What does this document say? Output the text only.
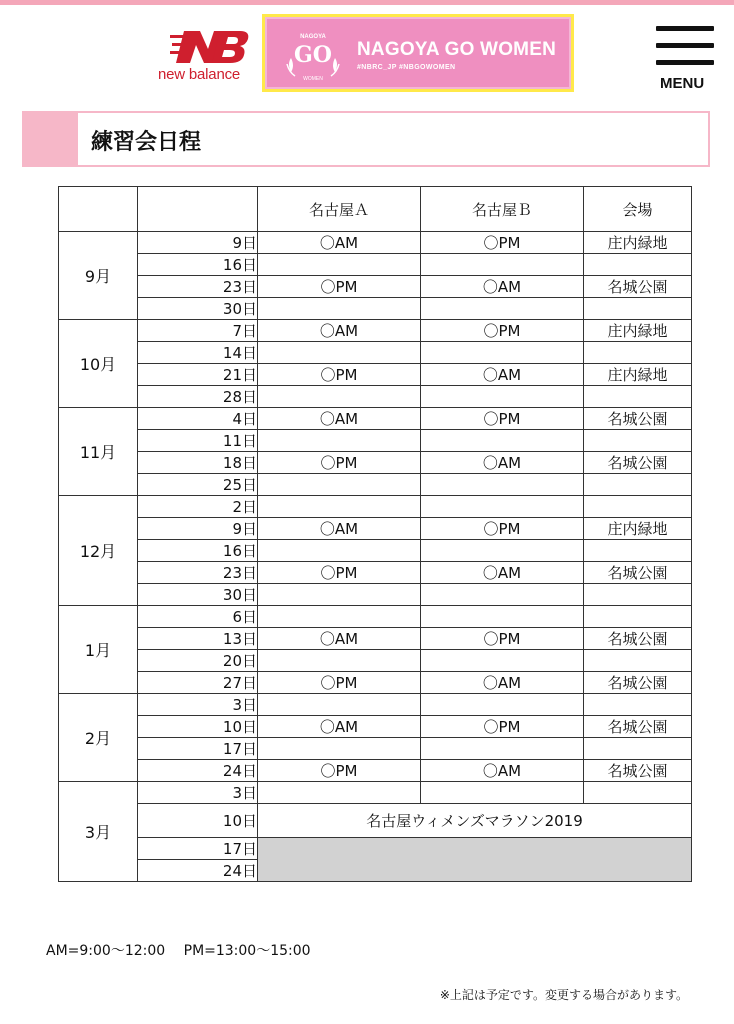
new balance
GO
NAGOYA
WOMEN
NAGOYA GO WOMEN
#NBRC_JP #NBGOWOMEN
MENU
練習会日程
		名古屋Ａ	名古屋Ｂ	会場
9月	9日	〇AM	〇PM	庄内緑地
	16日			
	23日	〇PM	〇AM	名城公園
	30日			
10月	7日	〇AM	〇PM	庄内緑地
	14日			
	21日	〇PM	〇AM	庄内緑地
	28日			
11月	4日	〇AM	〇PM	名城公園
	11日			
	18日	〇PM	〇AM	名城公園
	25日			
12月	2日			
	9日	〇AM	〇PM	庄内緑地
	16日			
	23日	〇PM	〇AM	名城公園
	30日			
1月	6日			
	13日	〇AM	〇PM	名城公園
	20日			
	27日	〇PM	〇AM	名城公園
2月	3日			
	10日	〇AM	〇PM	名城公園
	17日			
	24日	〇PM	〇AM	名城公園
3月	3日			
	10日	名古屋ウィメンズマラソン2019		
	17日			
	24日			
AM=9:00～12:00　 PM=13:00～15:00
※上記は予定です。変更する場合があります。
